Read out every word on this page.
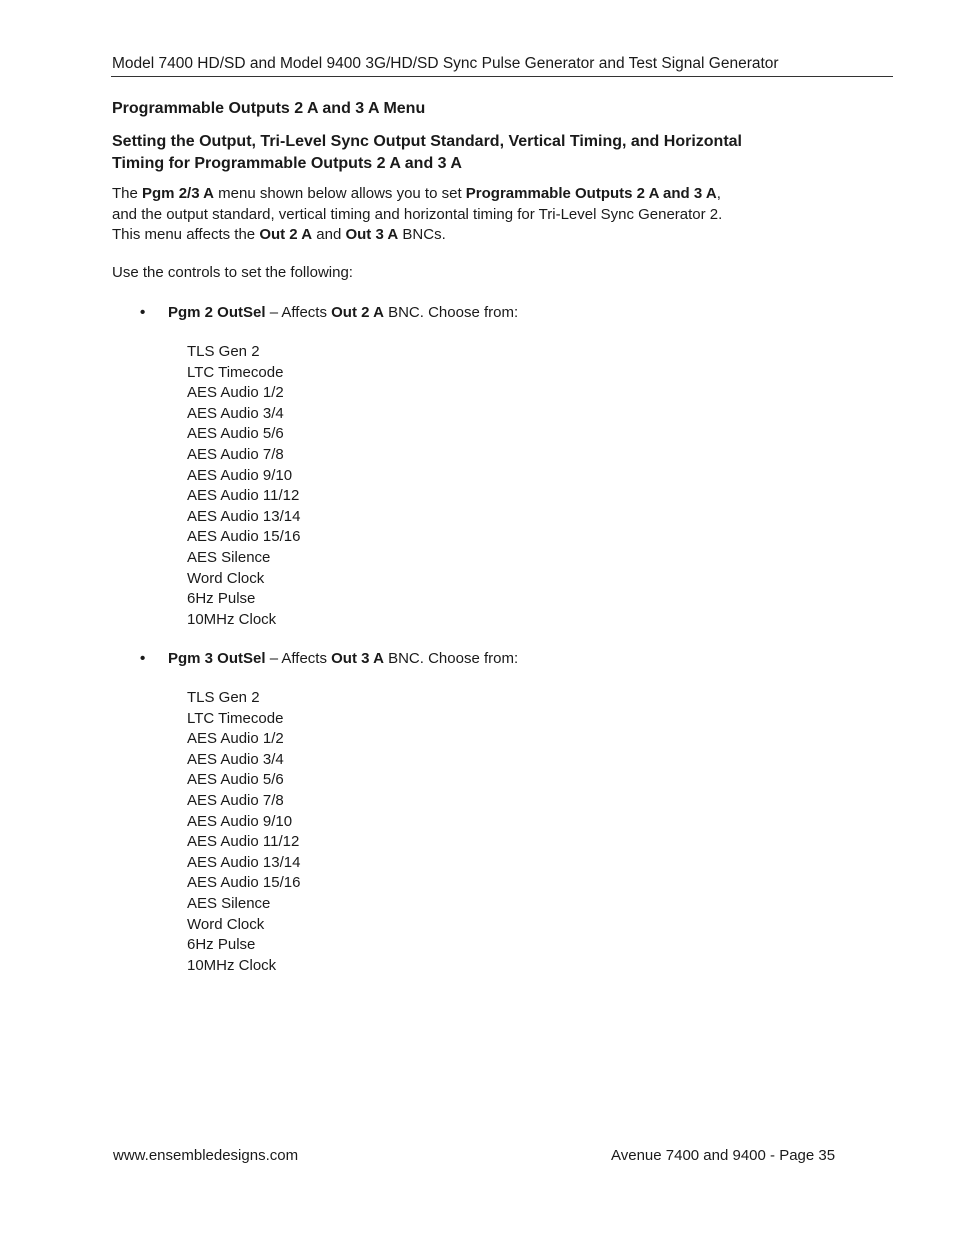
Model 7400 HD/SD and Model 9400 3G/HD/SD Sync Pulse Generator and Test Signal Generator
Programmable Outputs 2 A and 3 A Menu
Setting the Output, Tri-Level Sync Output Standard, Vertical Timing, and Horizontal
Timing for Programmable Outputs 2 A and 3 A
The Pgm 2/3 A menu shown below allows you to set Programmable Outputs 2 A and 3 A,
and the output standard, vertical timing and horizontal timing for Tri-Level Sync Generator 2.
This menu affects the Out 2 A and Out 3 A BNCs.
Use the controls to set the following:
• Pgm 2 OutSel – Affects Out 2 A BNC. Choose from:
TLS Gen 2
LTC Timecode
AES Audio 1/2
AES Audio 3/4
AES Audio 5/6
AES Audio 7/8
AES Audio 9/10
AES Audio 11/12
AES Audio 13/14
AES Audio 15/16
AES Silence
Word Clock
6Hz Pulse
10MHz Clock
• Pgm 3 OutSel – Affects Out 3 A BNC. Choose from:
TLS Gen 2
LTC Timecode
AES Audio 1/2
AES Audio 3/4
AES Audio 5/6
AES Audio 7/8
AES Audio 9/10
AES Audio 11/12
AES Audio 13/14
AES Audio 15/16
AES Silence
Word Clock
6Hz Pulse
10MHz Clock
www.ensembledesigns.com	Avenue 7400 and 9400 - Page 35
